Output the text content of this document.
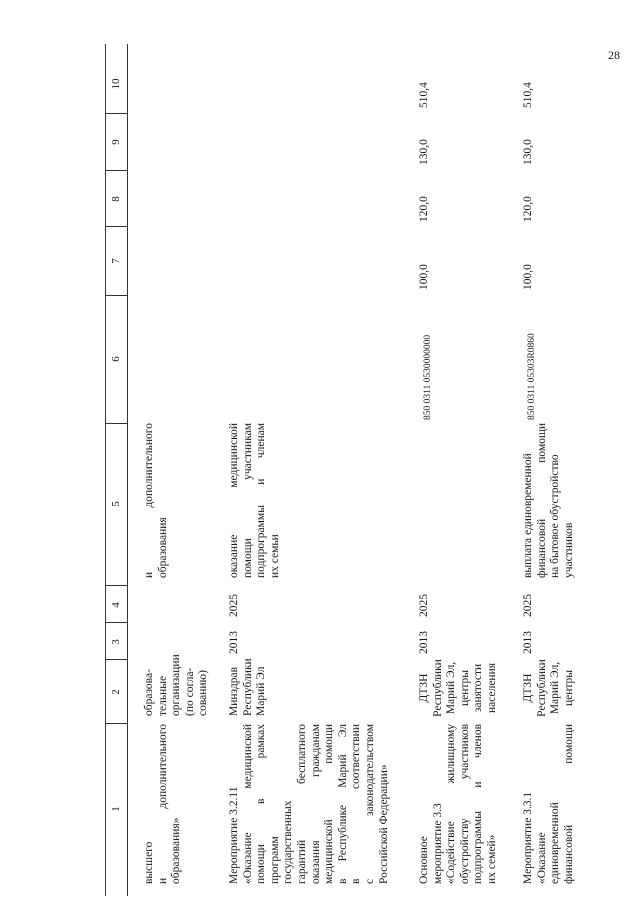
28
1
2
3
4
5
6
7
8
9
10
высшего и дополнительного образования»
образова- тельные организации (по согла- сованию)
и дополнительного образования
Мероприятие 3.2.11 «Оказание медицинской помощи в рамках программ государственных гарантий бесплатного оказания гражданам медицинской помощи в Республике Марий Эл в соответствии с законодательством Российской Федерации»
Минздрав Республики Марий Эл
2013
2025
оказание медицинской помощи участникам подпрограммы и членам их семьи
Основное мероприятие 3.3 «Содействие жилищному обустройству участников подпрограммы и членов их семей»
ДТЗН Республики Марий Эл, центры занятости населения
2013
2025
850 0311 0530000000
100,0
120,0
130,0
510,4
Мероприятие 3.3.1 «Оказание единовременной финансовой помощи
ДТЗН Республики Марий Эл, центры
2013
2025
выплата единовременной финансовой помощи на бытовое обустройство участников
850 0311 05303R0860
100,0
120,0
130,0
510,4
